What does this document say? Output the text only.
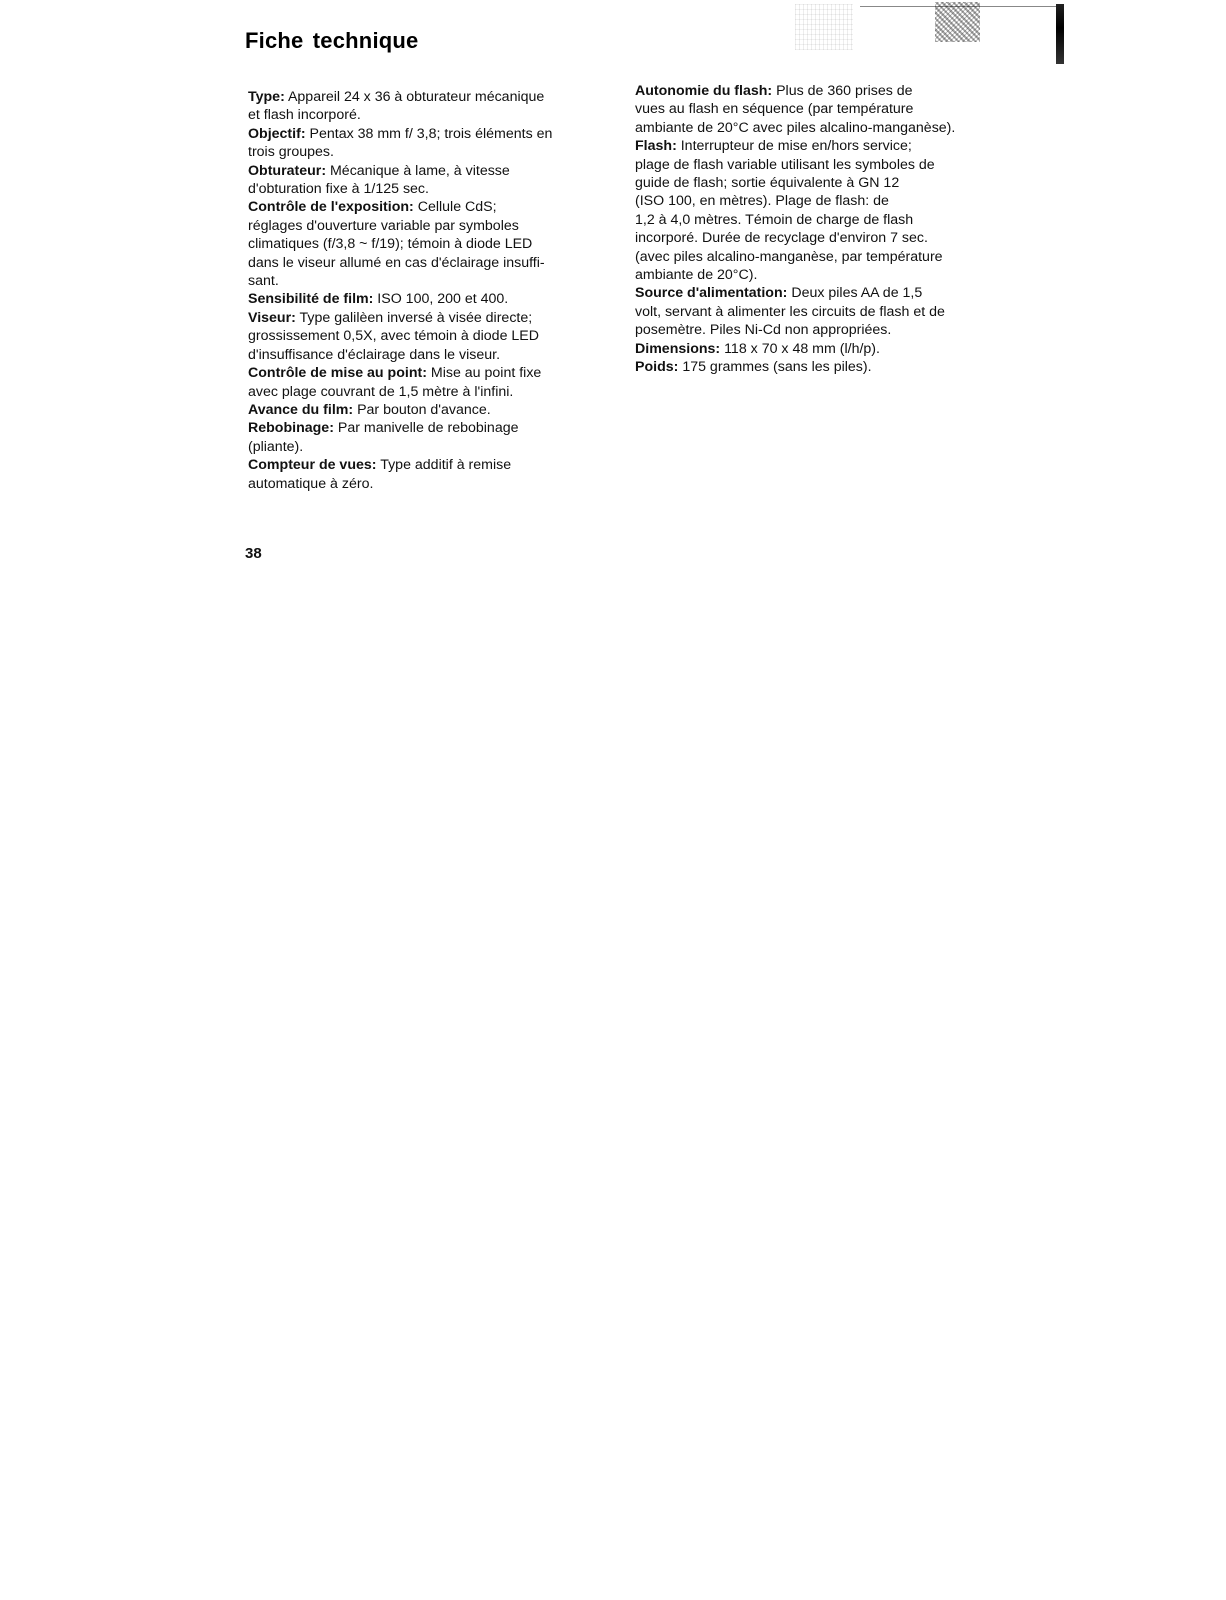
Fiche technique

Type: Appareil 24 x 36 à obturateur mécanique
et flash incorporé.

Objectif: Pentax 38 mm f/ 3,8; trois éléments en
trois groupes.

Obturateur: Mécanique à lame, à vitesse
d'obturation fixe à 1/125 sec.

Contrôle de l'exposition: Cellule CdS;
réglages d'ouverture variable par symboles
climatiques (f/3,8 ~ f/19); témoin à diode LED
dans le viseur allumé en cas d'éclairage insuffi-
sant.

Sensibilité de film: ISO 100, 200 et 400.

Viseur: Type galilèen inversé à visée directe;
grossissement 0,5X, avec témoin à diode LED
d'insuffisance d'éclairage dans le viseur.

Contrôle de mise au point: Mise au point fixe
avec plage couvrant de 1,5 mètre à l'infini.

Avance du film: Par bouton d'avance.

Rebobinage: Par manivelle de rebobinage
(pliante).

Compteur de vues: Type additif à remise
automatique à zéro.

Autonomie du flash: Plus de 360 prises de
vues au flash en séquence (par température
ambiante de 20°C avec piles alcalino-manganèse).

Flash: Interrupteur de mise en/hors service;
plage de flash variable utilisant les symboles de
guide de flash; sortie équivalente à GN 12
(ISO 100, en mètres). Plage de flash: de
1,2 à 4,0 mètres. Témoin de charge de flash
incorporé. Durée de recyclage d'environ 7 sec.
(avec piles alcalino-manganèse, par température
ambiante de 20°C).

Source d'alimentation: Deux piles AA de 1,5
volt, servant à alimenter les circuits de flash et de
posemètre. Piles Ni-Cd non appropriées.

Dimensions: 118 x 70 x 48 mm (l/h/p).

Poids: 175 grammes (sans les piles).

38
